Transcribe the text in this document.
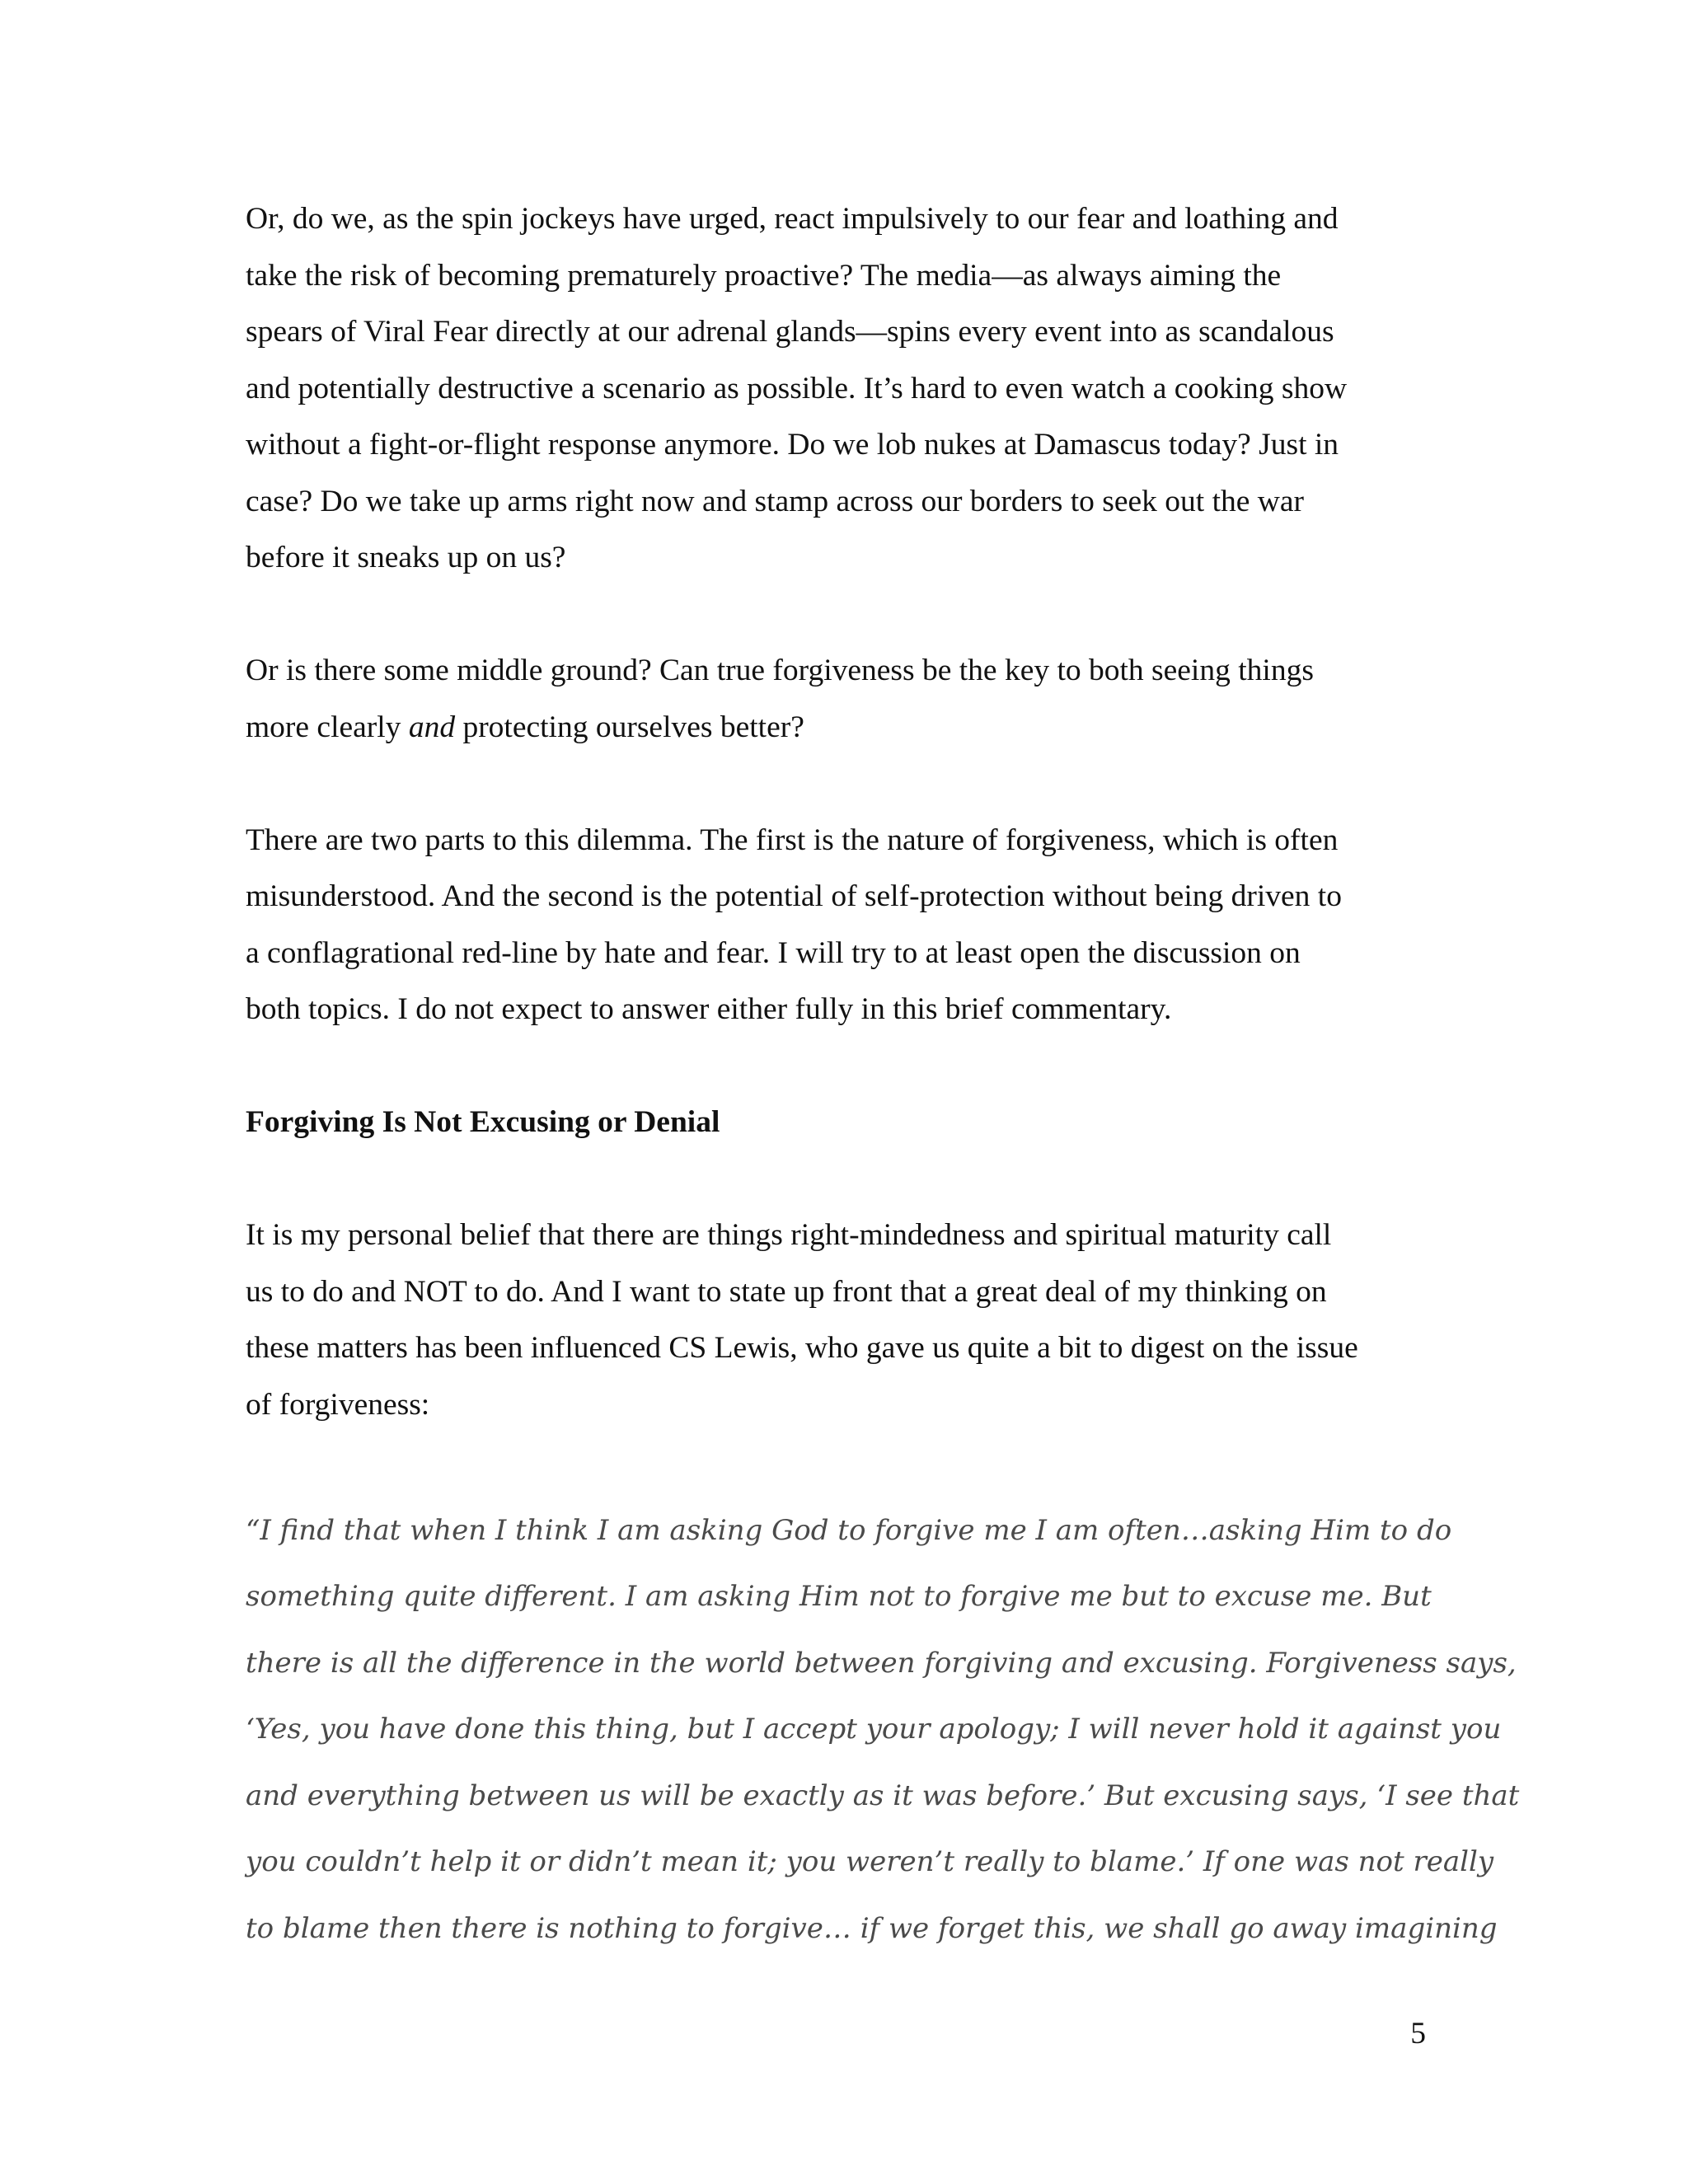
Or, do we, as the spin jockeys have urged, react impulsively to our fear and loathing and
take the risk of becoming prematurely proactive? The media—as always aiming the
spears of Viral Fear directly at our adrenal glands—spins every event into as scandalous
and potentially destructive a scenario as possible. It’s hard to even watch a cooking show
without a fight-or-flight response anymore. Do we lob nukes at Damascus today? Just in
case? Do we take up arms right now and stamp across our borders to seek out the war
before it sneaks up on us?

Or is there some middle ground? Can true forgiveness be the key to both seeing things
more clearly and protecting ourselves better?

There are two parts to this dilemma. The first is the nature of forgiveness, which is often
misunderstood. And the second is the potential of self-protection without being driven to
a conflagrational red-line by hate and fear. I will try to at least open the discussion on
both topics. I do not expect to answer either fully in this brief commentary.

Forgiving Is Not Excusing or Denial

It is my personal belief that there are things right-mindedness and spiritual maturity call
us to do and NOT to do. And I want to state up front that a great deal of my thinking on
these matters has been influenced CS Lewis, who gave us quite a bit to digest on the issue
of forgiveness:

“I find that when I think I am asking God to forgive me I am often…asking Him to do
something quite different. I am asking Him not to forgive me but to excuse me. But
there is all the difference in the world between forgiving and excusing. Forgiveness says,
‘Yes, you have done this thing, but I accept your apology; I will never hold it against you
and everything between us will be exactly as it was before.’ But excusing says, ‘I see that
you couldn’t help it or didn’t mean it; you weren’t really to blame.’ If one was not really
to blame then there is nothing to forgive… if we forget this, we shall go away imagining

5
